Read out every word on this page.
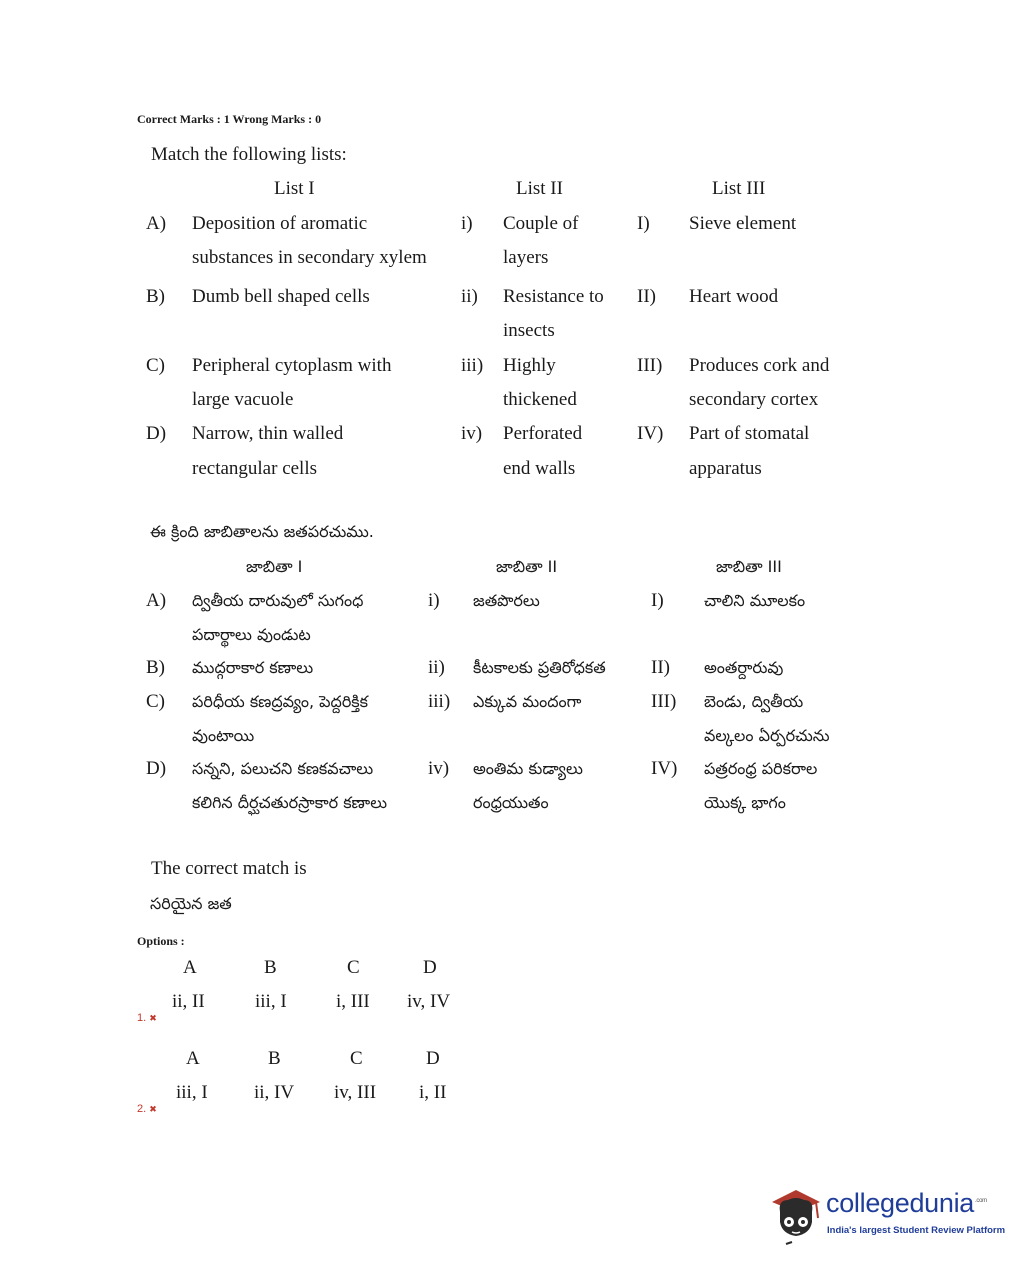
Correct Marks : 1 Wrong Marks : 0
Match the following lists:
List I	List II	List III
A) Deposition of aromatic
substances in secondary xylem
i) Couple of
layers
I) Sieve element
B) Dumb bell shaped cells	ii) Resistance to
insects
II) Heart wood
C) Peripheral cytoplasm with
large vacuole
iii) Highly
thickened
III) Produces cork and
secondary cortex
D) Narrow, thin walled
rectangular cells
iv) Perforated
end walls
IV) Part of stomatal
apparatus
ఈ క్రింది జాబితాలను జతపరచుము.
జాబితా I	జాబితా II	జాబితా III
A) ద్వితీయ దారువులో సుగంధ
పదార్థాలు వుండుట
i) జతపొరలు	I)	చాలిని మూలకం
B) ముద్గరాకార కణాలు	ii) కీటకాలకు ప్రతిరోధకత II) అంతర్దారువు
C) పరిధీయ కణద్రవ్యం, పెద్దరిక్తిక
వుంటాయి
iii) ఎక్కువ మందంగా	III) బెండు, ద్వితీయ
వల్కలం ఏర్పరచును
D) సన్నని, పలుచని కణకవచాలు
కలిగిన దీర్ఘచతురస్రాకార కణాలు
iv) అంతిమ కుడ్యాలు
రంధ్రయుతం
IV) పత్రరంధ్ర పరికరాల
యొక్క భాగం
The correct match is
సరియైన జత
Options :
A	B	C	D
ii, II	iii, I	i, III iv, IV
1. ✖
A	B	C	D
iii, I ii, IV iv, III i, II
2. ✖
collegedunia$^{.com}$
India's largest Student Review Platform
